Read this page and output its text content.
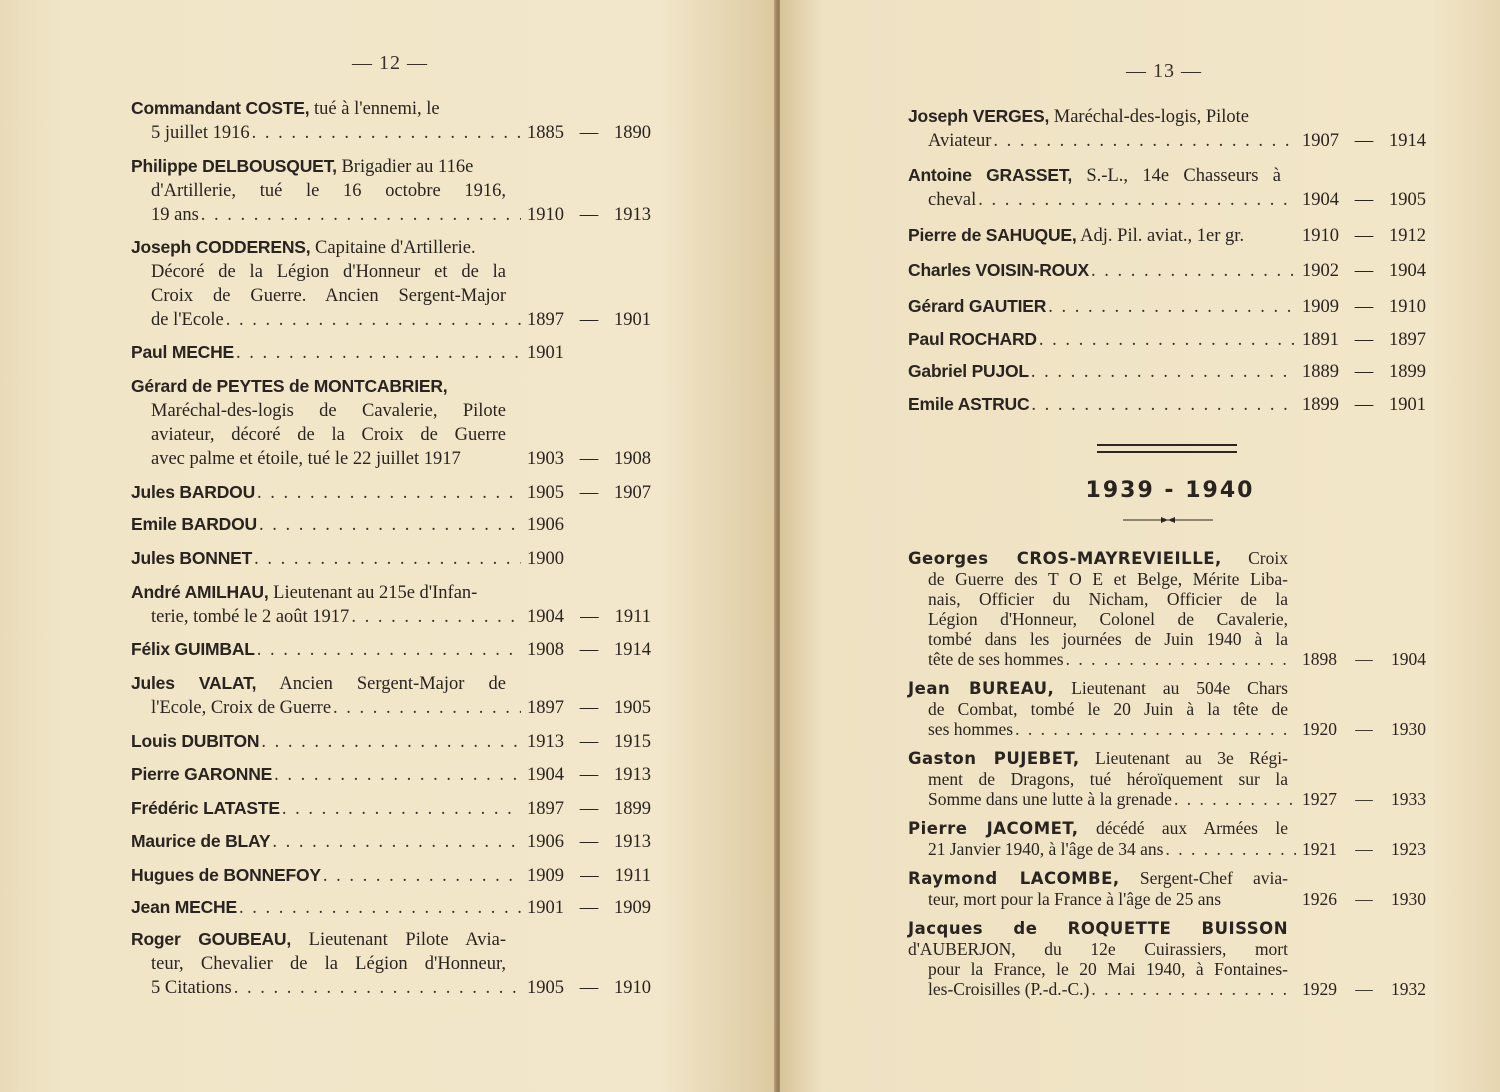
— 12 —
Commandant COSTE, tué à l'ennemi, le
5 juillet 1916 . . .	1885 — 1890
Philippe DELBOUSQUET, Brigadier au 116e
d'Artillerie, tué le 16 octobre 1916,
19 ans . . .	1910 — 1913
Joseph CODDERENS, Capitaine d'Artillerie.
Décoré de la Légion d'Honneur et de la
Croix de Guerre. Ancien Sergent-Major
de l'Ecole . . .	1897 — 1901
Paul MECHE . . .	1901
Gérard de PEYTES de MONTCABRIER,
Maréchal-des-logis de Cavalerie, Pilote
aviateur, décoré de la Croix de Guerre
avec palme et étoile, tué le 22 juillet 1917	1903 — 1908
Jules BARDOU . . .	1905 — 1907
Emile BARDOU . . .	1906
Jules BONNET . . .	1900
André AMILHAU, Lieutenant au 215e d'Infan-
terie, tombé le 2 août 1917 . . .	1904 — 1911
Félix GUIMBAL . . .	1908 — 1914
Jules VALAT, Ancien Sergent-Major de
l'Ecole, Croix de Guerre . . .	1897 — 1905
Louis DUBITON . . .	1913 — 1915
Pierre GARONNE . . .	1904 — 1913
Frédéric LATASTE . . .	1897 — 1899
Maurice de BLAY . . .	1906 — 1913
Hugues de BONNEFOY . . .	1909 — 1911
Jean MECHE . . .	1901 — 1909
Roger GOUBEAU, Lieutenant Pilote Avia-
teur, Chevalier de la Légion d'Honneur,
5 Citations . . .	1905 — 1910
— 13 —
Joseph VERGES, Maréchal-des-logis, Pilote
Aviateur . . .	1907 — 1914
Antoine GRASSET, S.-L., 14e Chasseurs à
cheval . . .	1904 — 1905
Pierre de SAHUQUE, Adj. Pil. aviat., 1er gr.	1910 — 1912
Charles VOISIN-ROUX . . .	1902 — 1904
Gérard GAUTIER . . .	1909 — 1910
Paul ROCHARD . . .	1891 — 1897
Gabriel PUJOL . . .	1889 — 1899
Emile ASTRUC . . .	1899 — 1901
1939 - 1940
Georges CROS-MAYREVIEILLE, Croix
de Guerre des T O E et Belge, Mérite Liba-
nais, Officier du Nicham, Officier de la
Légion d'Honneur, Colonel de Cavalerie,
tombé dans les journées de Juin 1940 à la
tête de ses hommes . . .	1898	—	1904
Jean BUREAU, Lieutenant au 504e Chars
de Combat, tombé le 20 Juin à la tête de
ses hommes . . .	1920	—	1930
Gaston PUJEBET, Lieutenant au 3e Régi-
ment de Dragons, tué héroïquement sur la
Somme dans une lutte à la grenade . . .	1927	—	1933
Pierre JACOMET, décédé aux Armées le
21 Janvier 1940, à l'âge de 34 ans . . .	1921	—	1923
Raymond LACOMBE, Sergent-Chef avia-
teur, mort pour la France à l'âge de 25 ans	1926	—	1930
Jacques de ROQUETTE BUISSON
d'AUBERJON, du 12e Cuirassiers, mort
pour la France, le 20 Mai 1940, à Fontaines-
les-Croisilles (P.-d.-C.) . . .	1929	—	1932
